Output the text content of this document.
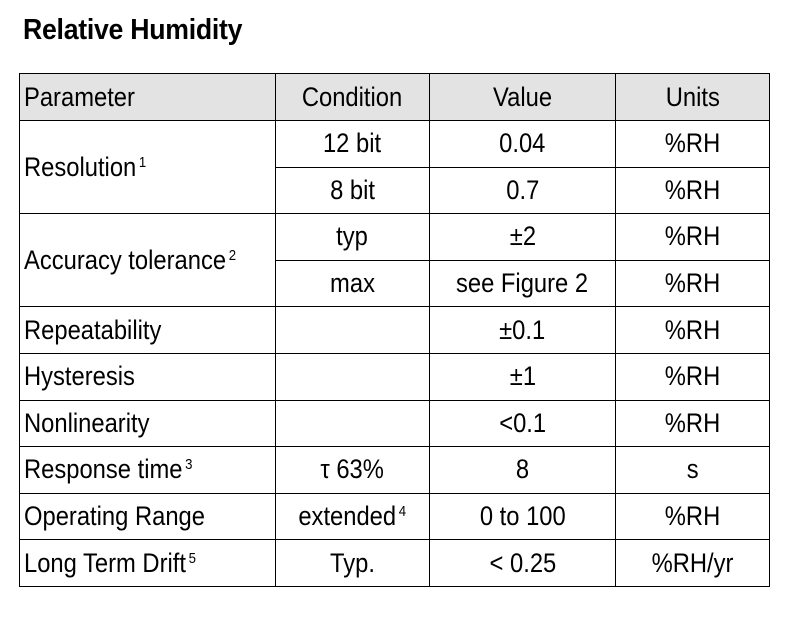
Relative Humidity
Parameter	Condition	Value	Units
Resolution $^1$	12 bit	0.04	%RH
	8 bit	0.7	%RH
Accuracy tolerance $^2$	typ	±2	%RH
	max	see Figure 2	%RH
Repeatability		±0.1	%RH
Hysteresis		±1	%RH
Nonlinearity		<0.1	%RH
Response time $^3$	τ 63%	8	s
Operating Range	extended $^4$	0 to 100	%RH
Long Term Drift $^5$	Typ.	< 0.25	%RH/yr
